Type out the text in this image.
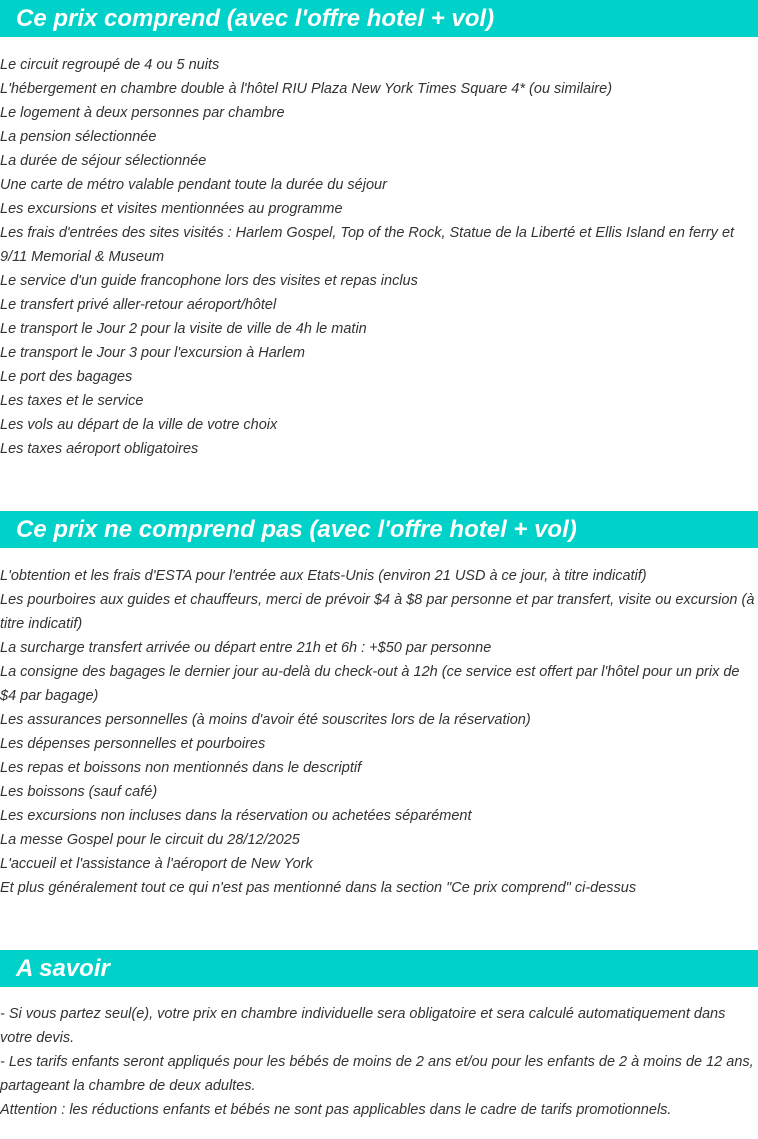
Ce prix comprend (avec l'offre hotel + vol)
Le circuit regroupé de 4 ou 5 nuits
L'hébergement en chambre double à l'hôtel RIU Plaza New York Times Square 4* (ou similaire)
Le logement à deux personnes par chambre
La pension sélectionnée
La durée de séjour sélectionnée
Une carte de métro valable pendant toute la durée du séjour
Les excursions et visites mentionnées au programme
Les frais d'entrées des sites visités : Harlem Gospel, Top of the Rock, Statue de la Liberté et Ellis Island en ferry et 9/11 Memorial & Museum
Le service d'un guide francophone lors des visites et repas inclus
Le transfert privé aller-retour aéroport/hôtel
Le transport le Jour 2 pour la visite de ville de 4h le matin
Le transport le Jour 3 pour l'excursion à Harlem
Le port des bagages
Les taxes et le service
Les vols au départ de la ville de votre choix
Les taxes aéroport obligatoires
Ce prix ne comprend pas (avec l'offre hotel + vol)
L'obtention et les frais d'ESTA pour l'entrée aux Etats-Unis (environ 21 USD à ce jour, à titre indicatif)
Les pourboires aux guides et chauffeurs, merci de prévoir $4 à $8 par personne et par transfert, visite ou excursion (à titre indicatif)
La surcharge transfert arrivée ou départ entre 21h et 6h : +$50 par personne
La consigne des bagages le dernier jour au-delà du check-out à 12h (ce service est offert par l'hôtel pour un prix de $4 par bagage)
Les assurances personnelles (à moins d'avoir été souscrites lors de la réservation)
Les dépenses personnelles et pourboires
Les repas et boissons non mentionnés dans le descriptif
Les boissons (sauf café)
Les excursions non incluses dans la réservation ou achetées séparément
La messe Gospel pour le circuit du 28/12/2025
L'accueil et l'assistance à l'aéroport de New York
Et plus généralement tout ce qui n'est pas mentionné dans la section "Ce prix comprend" ci-dessus
A savoir
- Si vous partez seul(e), votre prix en chambre individuelle sera obligatoire et sera calculé automatiquement dans votre devis.
- Les tarifs enfants seront appliqués pour les bébés de moins de 2 ans et/ou pour les enfants de 2 à moins de 12 ans, partageant la chambre de deux adultes.
Attention : les réductions enfants et bébés ne sont pas applicables dans le cadre de tarifs promotionnels.
